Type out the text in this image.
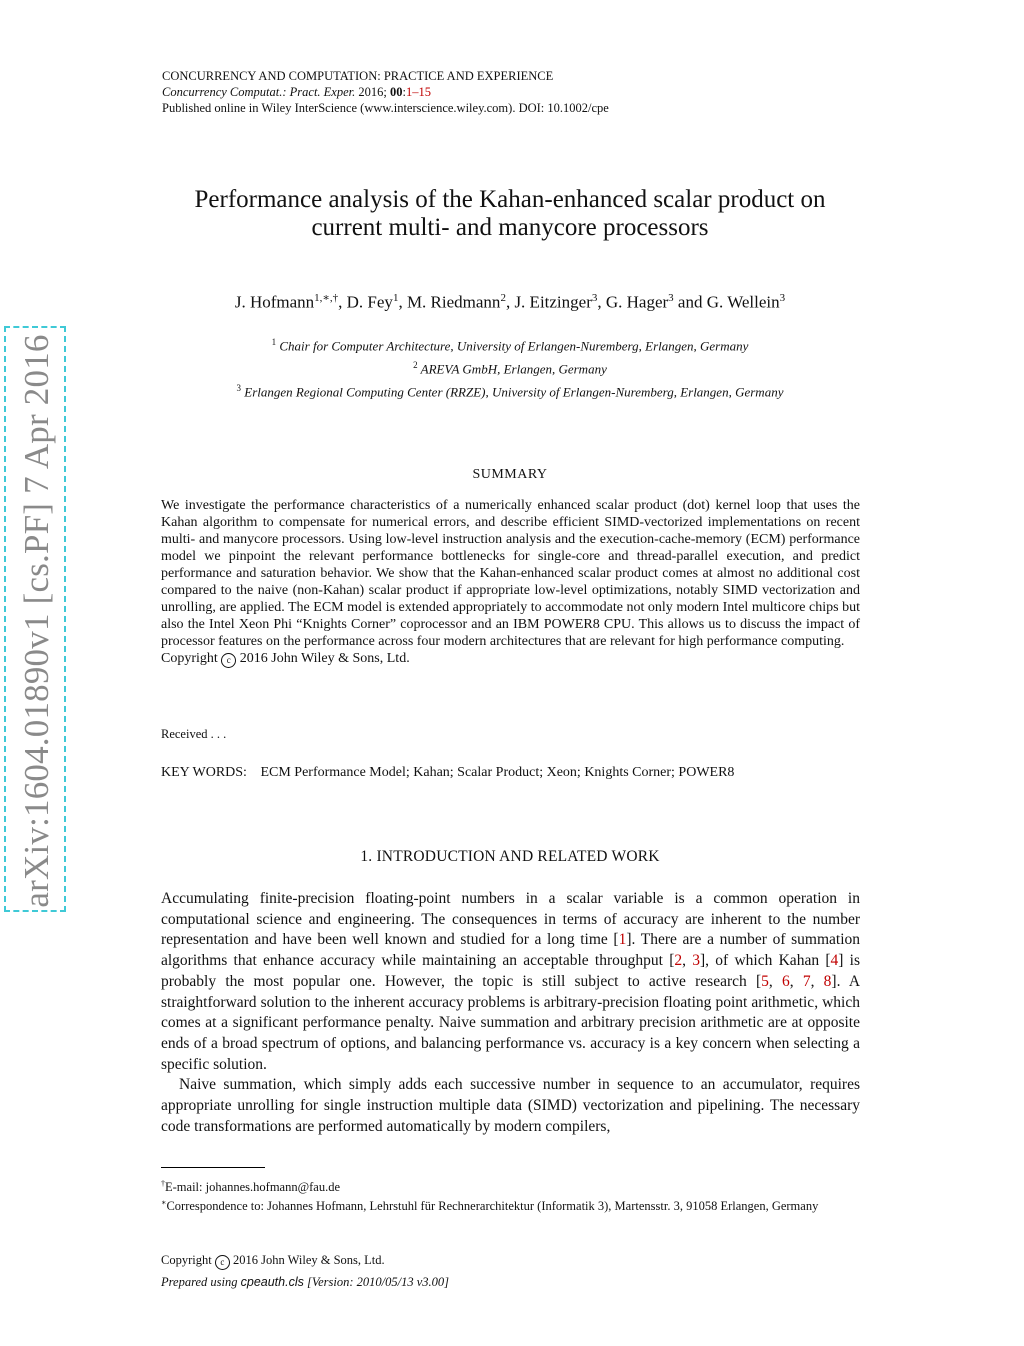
arXiv:1604.01890v1 [cs.PF] 7 Apr 2016
CONCURRENCY AND COMPUTATION: PRACTICE AND EXPERIENCE
Concurrency Computat.: Pract. Exper. 2016; 00:1–15
Published online in Wiley InterScience (www.interscience.wiley.com). DOI: 10.1002/cpe
Performance analysis of the Kahan-enhanced scalar product on
current multi- and manycore processors
J. Hofmann$^{1,∗,\dagger}$, D. Fey$^1$, M. Riedmann$^2$, J. Eitzinger$^3$, G. Hager$^3$ and G. Wellein$^3$
$^1$ Chair for Computer Architecture, University of Erlangen-Nuremberg, Erlangen, Germany
$^2$ AREVA GmbH, Erlangen, Germany
$^3$ Erlangen Regional Computing Center (RRZE), University of Erlangen-Nuremberg, Erlangen, Germany
SUMMARY
We investigate the performance characteristics of a numerically enhanced scalar product (dot) kernel loop that uses the Kahan algorithm to compensate for numerical errors, and describe efficient SIMD-vectorized implementations on recent multi- and manycore processors. Using low-level instruction analysis and the execution-cache-memory (ECM) performance model we pinpoint the relevant performance bottlenecks for single-core and thread-parallel execution, and predict performance and saturation behavior. We show that the Kahan-enhanced scalar product comes at almost no additional cost compared to the naive (non-Kahan) scalar product if appropriate low-level optimizations, notably SIMD vectorization and unrolling, are applied. The ECM model is extended appropriately to accommodate not only modern Intel multicore chips but also the Intel Xeon Phi “Knights Corner” coprocessor and an IBM POWER8 CPU. This allows us to discuss the impact of processor features on the performance across four modern architectures that are relevant for high performance computing.
Copyright c 2016 John Wiley & Sons, Ltd.
Received . . .
KEY WORDS: ECM Performance Model; Kahan; Scalar Product; Xeon; Knights Corner; POWER8
1. INTRODUCTION AND RELATED WORK

Accumulating finite-precision floating-point numbers in a scalar variable is a common operation in computational science and engineering. The consequences in terms of accuracy are inherent to the number representation and have been well known and studied for a long time [1]. There are a number of summation algorithms that enhance accuracy while maintaining an acceptable throughput [2, 3], of which Kahan [4] is probably the most popular one. However, the topic is still subject to active research [5, 6, 7, 8]. A straightforward solution to the inherent accuracy problems is arbitrary-precision floating point arithmetic, which comes at a significant performance penalty. Naive summation and arbitrary precision arithmetic are at opposite ends of a broad spectrum of options, and balancing performance vs. accuracy is a key concern when selecting a specific solution.

Naive summation, which simply adds each successive number in sequence to an accumulator, requires appropriate unrolling for single instruction multiple data (SIMD) vectorization and pipelining. The necessary code transformations are performed automatically by modern compilers,

†E-mail: johannes.hofmann@fau.de
∗Correspondence to: Johannes Hofmann, Lehrstuhl für Rechnerarchitektur (Informatik 3), Martensstr. 3, 91058 Erlangen, Germany
Copyright c 2016 John Wiley & Sons, Ltd.
Prepared using cpeauth.cls [Version: 2010/05/13 v3.00]
